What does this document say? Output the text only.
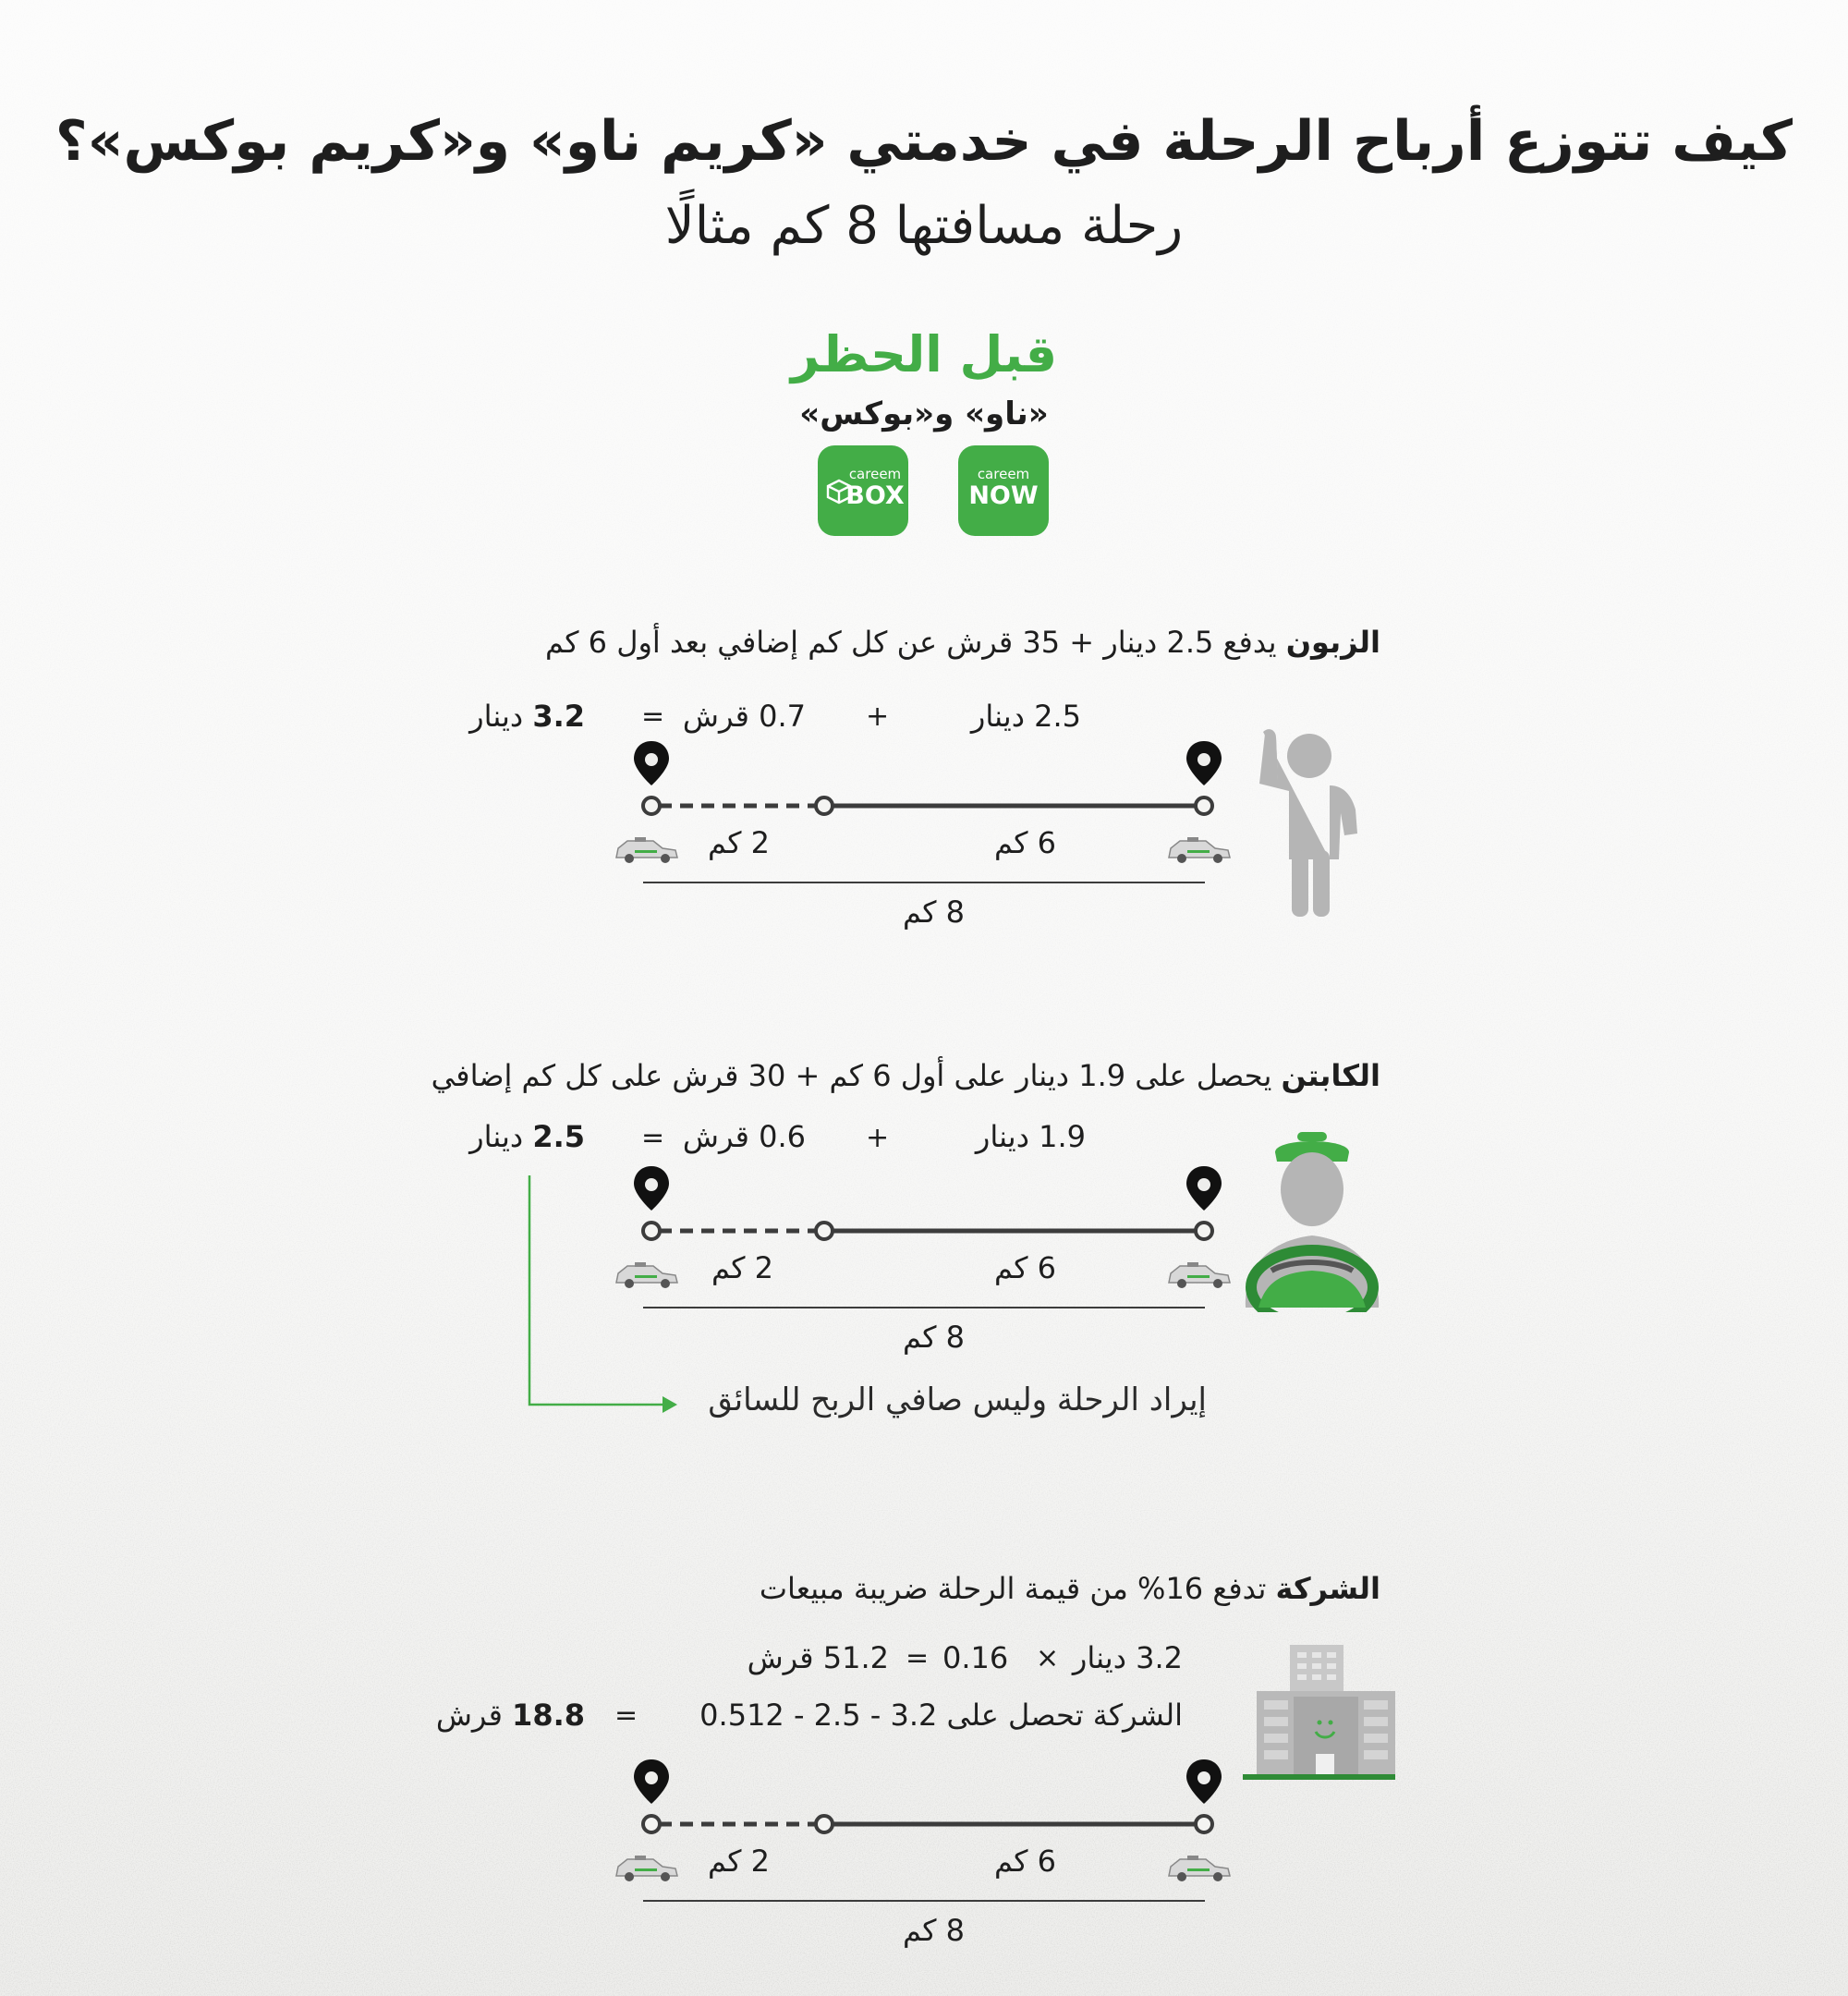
كيف تتوزع أرباح الرحلة في خدمتي «كريم ناو» و«كريم بوكس»؟
رحلة مسافتها 8 كم مثالًا
قبل الحظر
«ناو» و«بوكس»
careem
NOW
careem
BOX
الزبون يدفع 2.5 دينار + 35 قرش عن كل كم إضافي بعد أول 6 كم
2.5 دينار
+
0.7 قرش
=
3.2 دينار
2 كم	6 كم
8 كم
الكابتن يحصل على 1.9 دينار على أول 6 كم + 30 قرش على كل كم إضافي
1.9 دينار
+
0.6 قرش
=
2.5 دينار
2 كم	6 كم
8 كم
إيراد الرحلة وليس صافي الربح للسائق
الشركة تدفع 16% من قيمة الرحلة ضريبة مبيعات
3.2 دينار
×
0.16
=
51.2 قرش
الشركة تحصل على 3.2 - 2.5 - 0.512
=
18.8 قرش
2 كم	6 كم
8 كم
